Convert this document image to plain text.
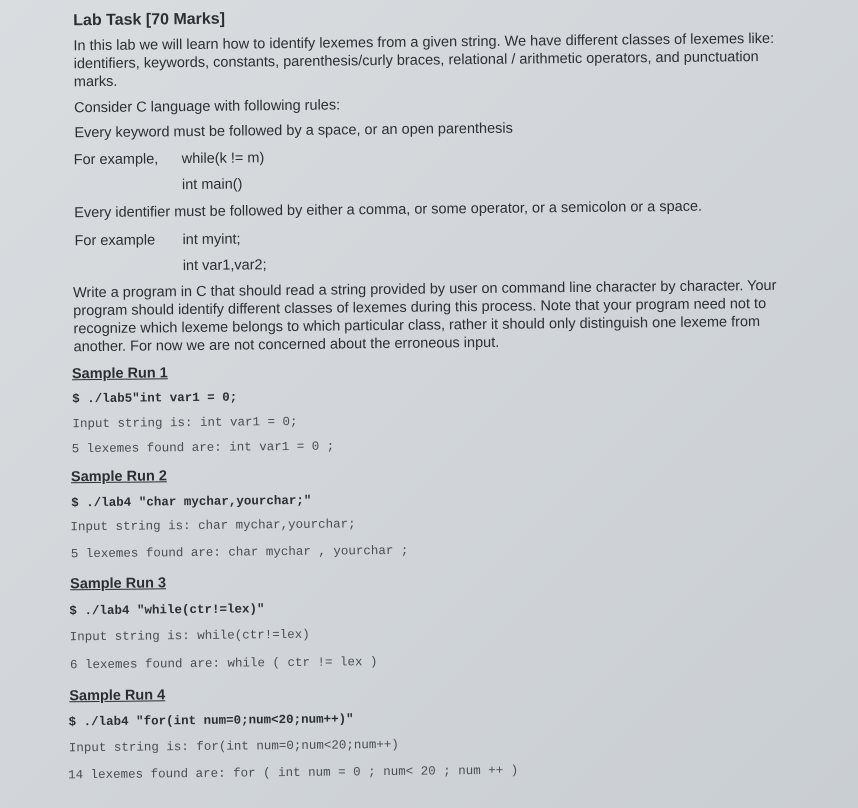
Lab Task [70 Marks]
In this lab we will learn how to identify lexemes from a given string. We have different classes of lexemes like:
identifiers, keywords, constants, parenthesis/curly braces, relational / arithmetic operators, and punctuation
marks.
Consider C language with following rules:
Every keyword must be followed by a space, or an open parenthesis
For example, while(k != m)
int main()
Every identifier must be followed by either a comma, or some operator, or a semicolon or a space.
For example int myint;
int var1,var2;
Write a program in C that should read a string provided by user on command line character by character. Your
program should identify different classes of lexemes during this process. Note that your program need not to
recognize which lexeme belongs to which particular class, rather it should only distinguish one lexeme from
another. For now we are not concerned about the erroneous input.
Sample Run 1
$ ./lab5"int var1 = 0;
Input string is: int var1 = 0;
5 lexemes found are: int var1 = 0 ;
Sample Run 2
$ ./lab4 "char mychar,yourchar;"
Input string is: char mychar,yourchar;
5 lexemes found are: char mychar , yourchar ;
Sample Run 3
$ ./lab4 "while(ctr!=lex)"
Input string is: while(ctr!=lex)
6 lexemes found are: while ( ctr != lex )
Sample Run 4
$ ./lab4 "for(int num=0;num<20;num++)"
Input string is: for(int num=0;num<20;num++)
14 lexemes found are: for ( int num = 0 ; num< 20 ; num ++ )
